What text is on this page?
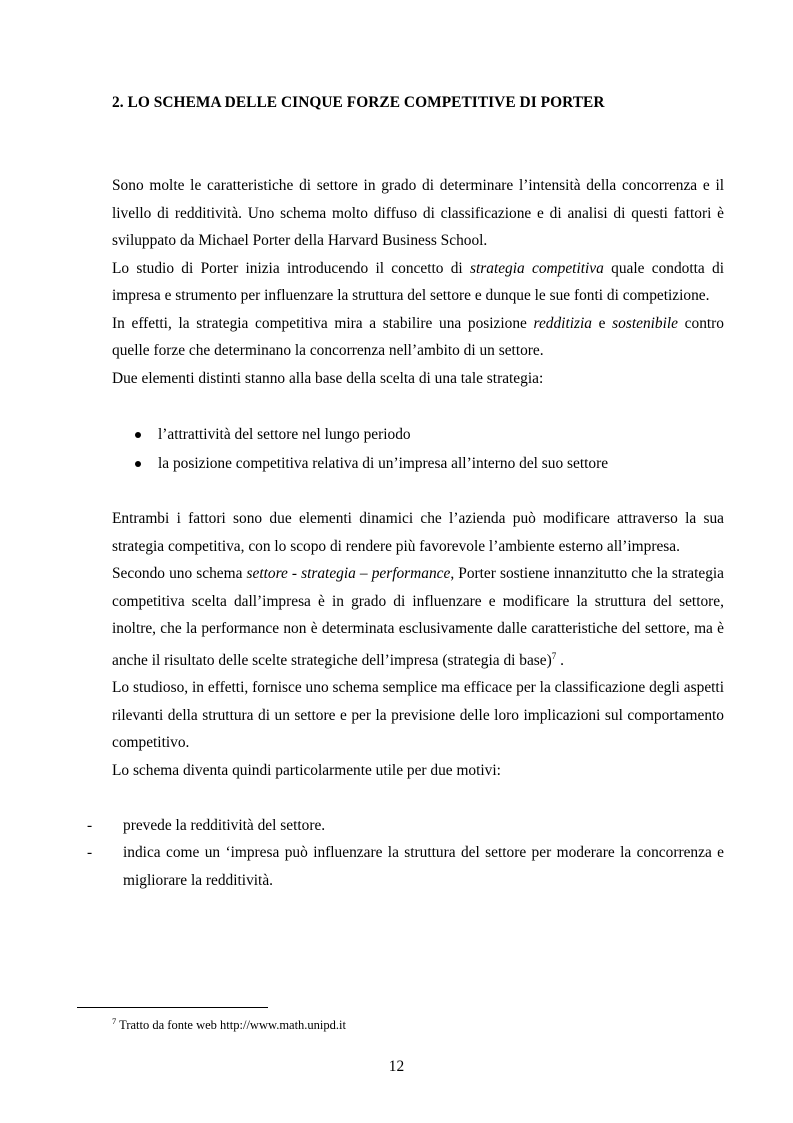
2. LO SCHEMA DELLE CINQUE FORZE COMPETITIVE DI PORTER

Sono molte le caratteristiche di settore in grado di determinare l’intensità della concorrenza e il livello di redditività. Uno schema molto diffuso di classificazione e di analisi di questi fattori è sviluppato da Michael Porter della Harvard Business School.

Lo studio di Porter inizia introducendo il concetto di strategia competitiva quale condotta di impresa e strumento per influenzare la struttura del settore e dunque le sue fonti di competizione.

In effetti, la strategia competitiva mira a stabilire una posizione redditizia e sostenibile contro quelle forze che determinano la concorrenza nell’ambito di un settore.

Due elementi distinti stanno alla base della scelta di una tale strategia:

l’attrattività del settore nel lungo periodo
la posizione competitiva relativa di un’impresa all’interno del suo settore

Entrambi i fattori sono due elementi dinamici che l’azienda può modificare attraverso la sua strategia competitiva, con lo scopo di rendere più favorevole l’ambiente esterno all’impresa.

Secondo uno schema settore - strategia – performance, Porter sostiene innanzitutto che la strategia competitiva scelta dall’impresa è in grado di influenzare e modificare la struttura del settore, inoltre, che la performance non è determinata esclusivamente dalle caratteristiche del settore, ma è anche il risultato delle scelte strategiche dell’impresa (strategia di base)$^7$ .

Lo studioso, in effetti, fornisce uno schema semplice ma efficace per la classificazione degli aspetti rilevanti della struttura di un settore e per la previsione delle loro implicazioni sul comportamento competitivo.

Lo schema diventa quindi particolarmente utile per due motivi:

- prevede la redditività del settore.
- indica come un ‘impresa può influenzare la struttura del settore per moderare la concorrenza e migliorare la redditività.
$^7$ Tratto da fonte web http://www.math.unipd.it
12
